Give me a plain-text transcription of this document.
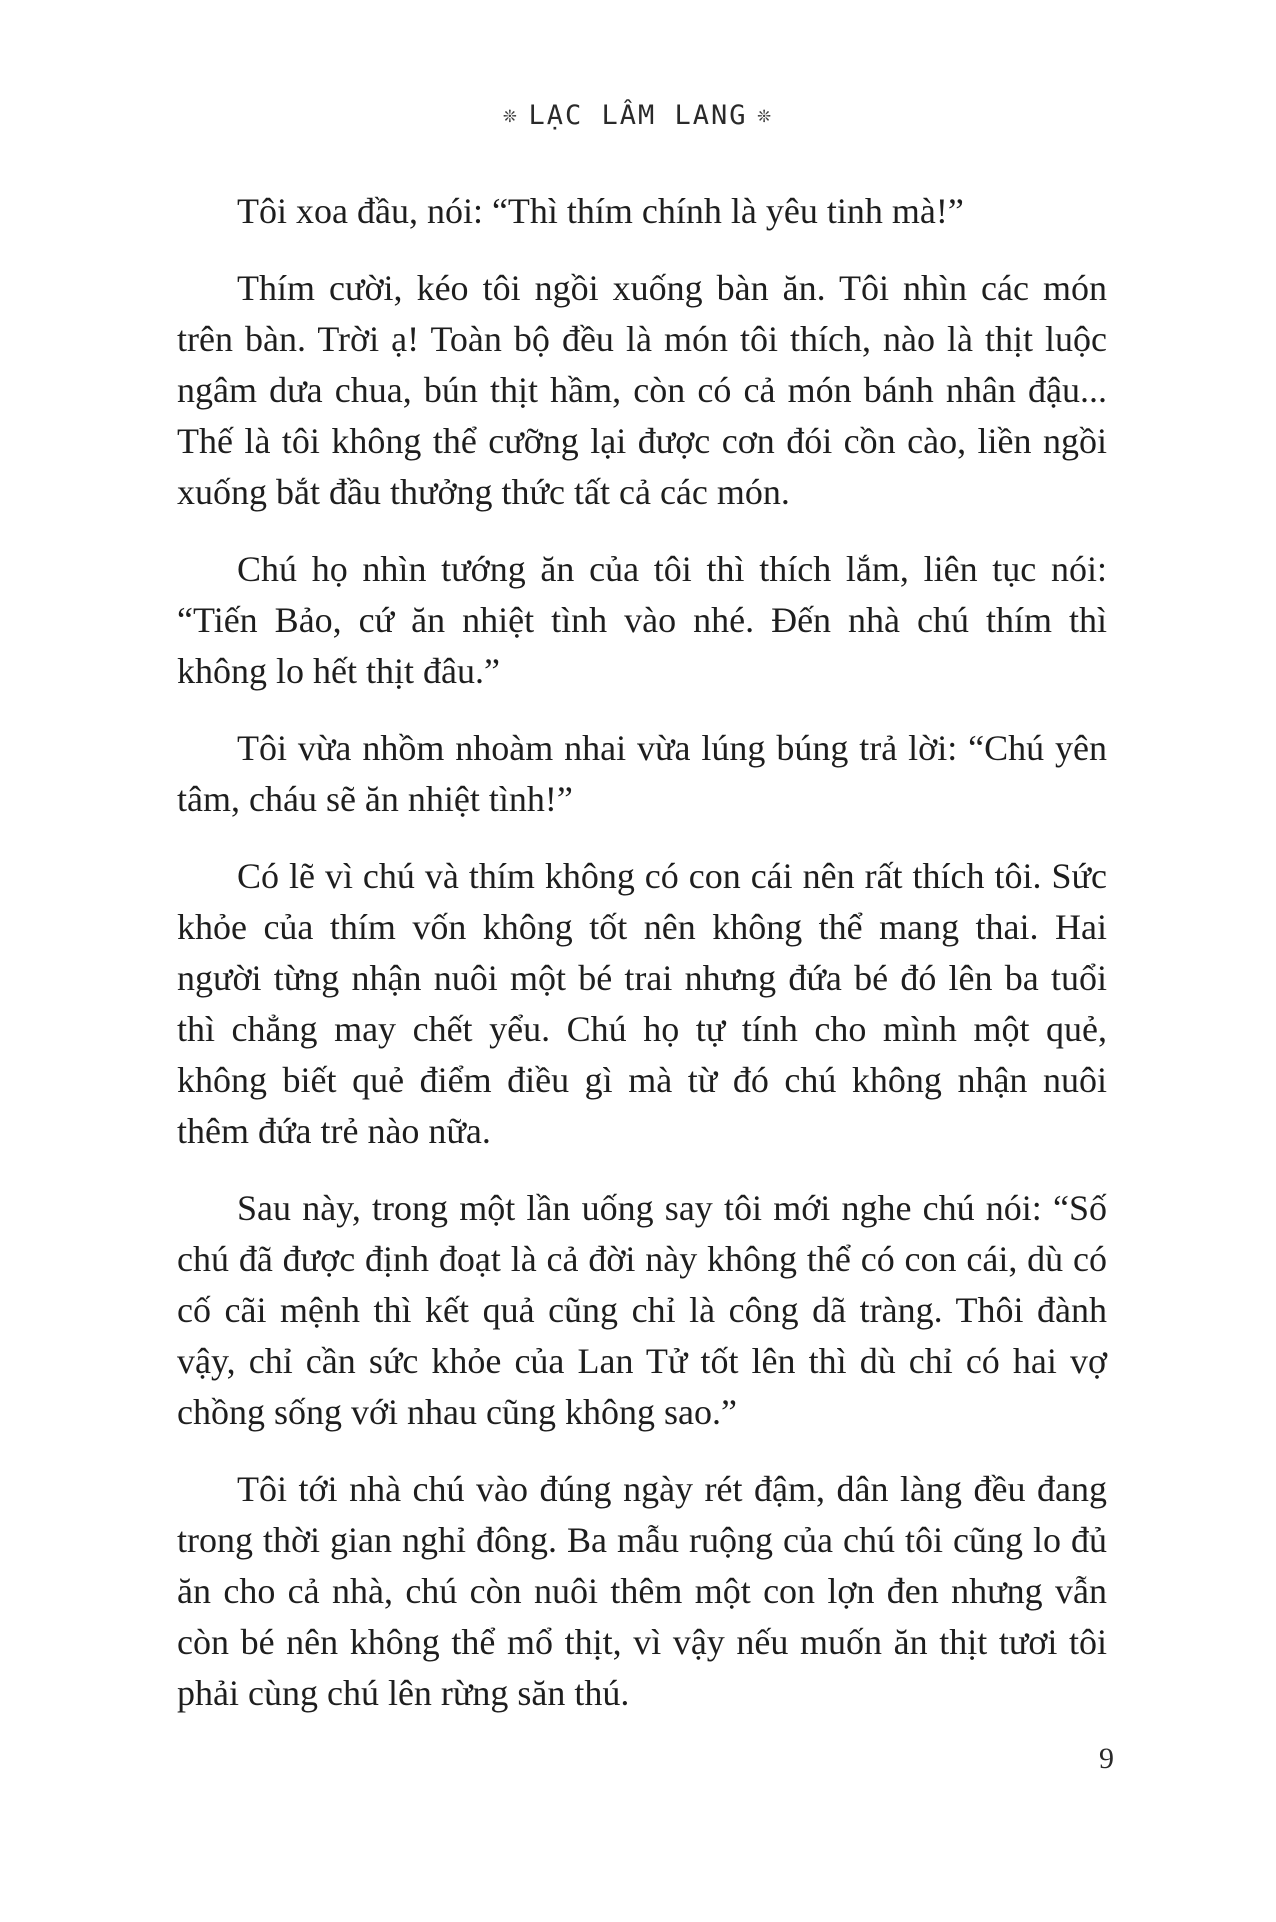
❊ LẠC LÂM LANG ❊

Tôi xoa đầu, nói: “Thì thím chính là yêu tinh mà!”

Thím cười, kéo tôi ngồi xuống bàn ăn. Tôi nhìn các món trên bàn. Trời ạ! Toàn bộ đều là món tôi thích, nào là thịt luộc ngâm dưa chua, bún thịt hầm, còn có cả món bánh nhân đậu... Thế là tôi không thể cưỡng lại được cơn đói cồn cào, liền ngồi xuống bắt đầu thưởng thức tất cả các món.

Chú họ nhìn tướng ăn của tôi thì thích lắm, liên tục nói: “Tiến Bảo, cứ ăn nhiệt tình vào nhé. Đến nhà chú thím thì không lo hết thịt đâu.”

Tôi vừa nhồm nhoàm nhai vừa lúng búng trả lời: “Chú yên tâm, cháu sẽ ăn nhiệt tình!”

Có lẽ vì chú và thím không có con cái nên rất thích tôi. Sức khỏe của thím vốn không tốt nên không thể mang thai. Hai người từng nhận nuôi một bé trai nhưng đứa bé đó lên ba tuổi thì chẳng may chết yểu. Chú họ tự tính cho mình một quẻ, không biết quẻ điểm điều gì mà từ đó chú không nhận nuôi thêm đứa trẻ nào nữa.

Sau này, trong một lần uống say tôi mới nghe chú nói: “Số chú đã được định đoạt là cả đời này không thể có con cái, dù có cố cãi mệnh thì kết quả cũng chỉ là công dã tràng. Thôi đành vậy, chỉ cần sức khỏe của Lan Tử tốt lên thì dù chỉ có hai vợ chồng sống với nhau cũng không sao.”

Tôi tới nhà chú vào đúng ngày rét đậm, dân làng đều đang trong thời gian nghỉ đông. Ba mẫu ruộng của chú tôi cũng lo đủ ăn cho cả nhà, chú còn nuôi thêm một con lợn đen nhưng vẫn còn bé nên không thể mổ thịt, vì vậy nếu muốn ăn thịt tươi tôi phải cùng chú lên rừng săn thú.

9
